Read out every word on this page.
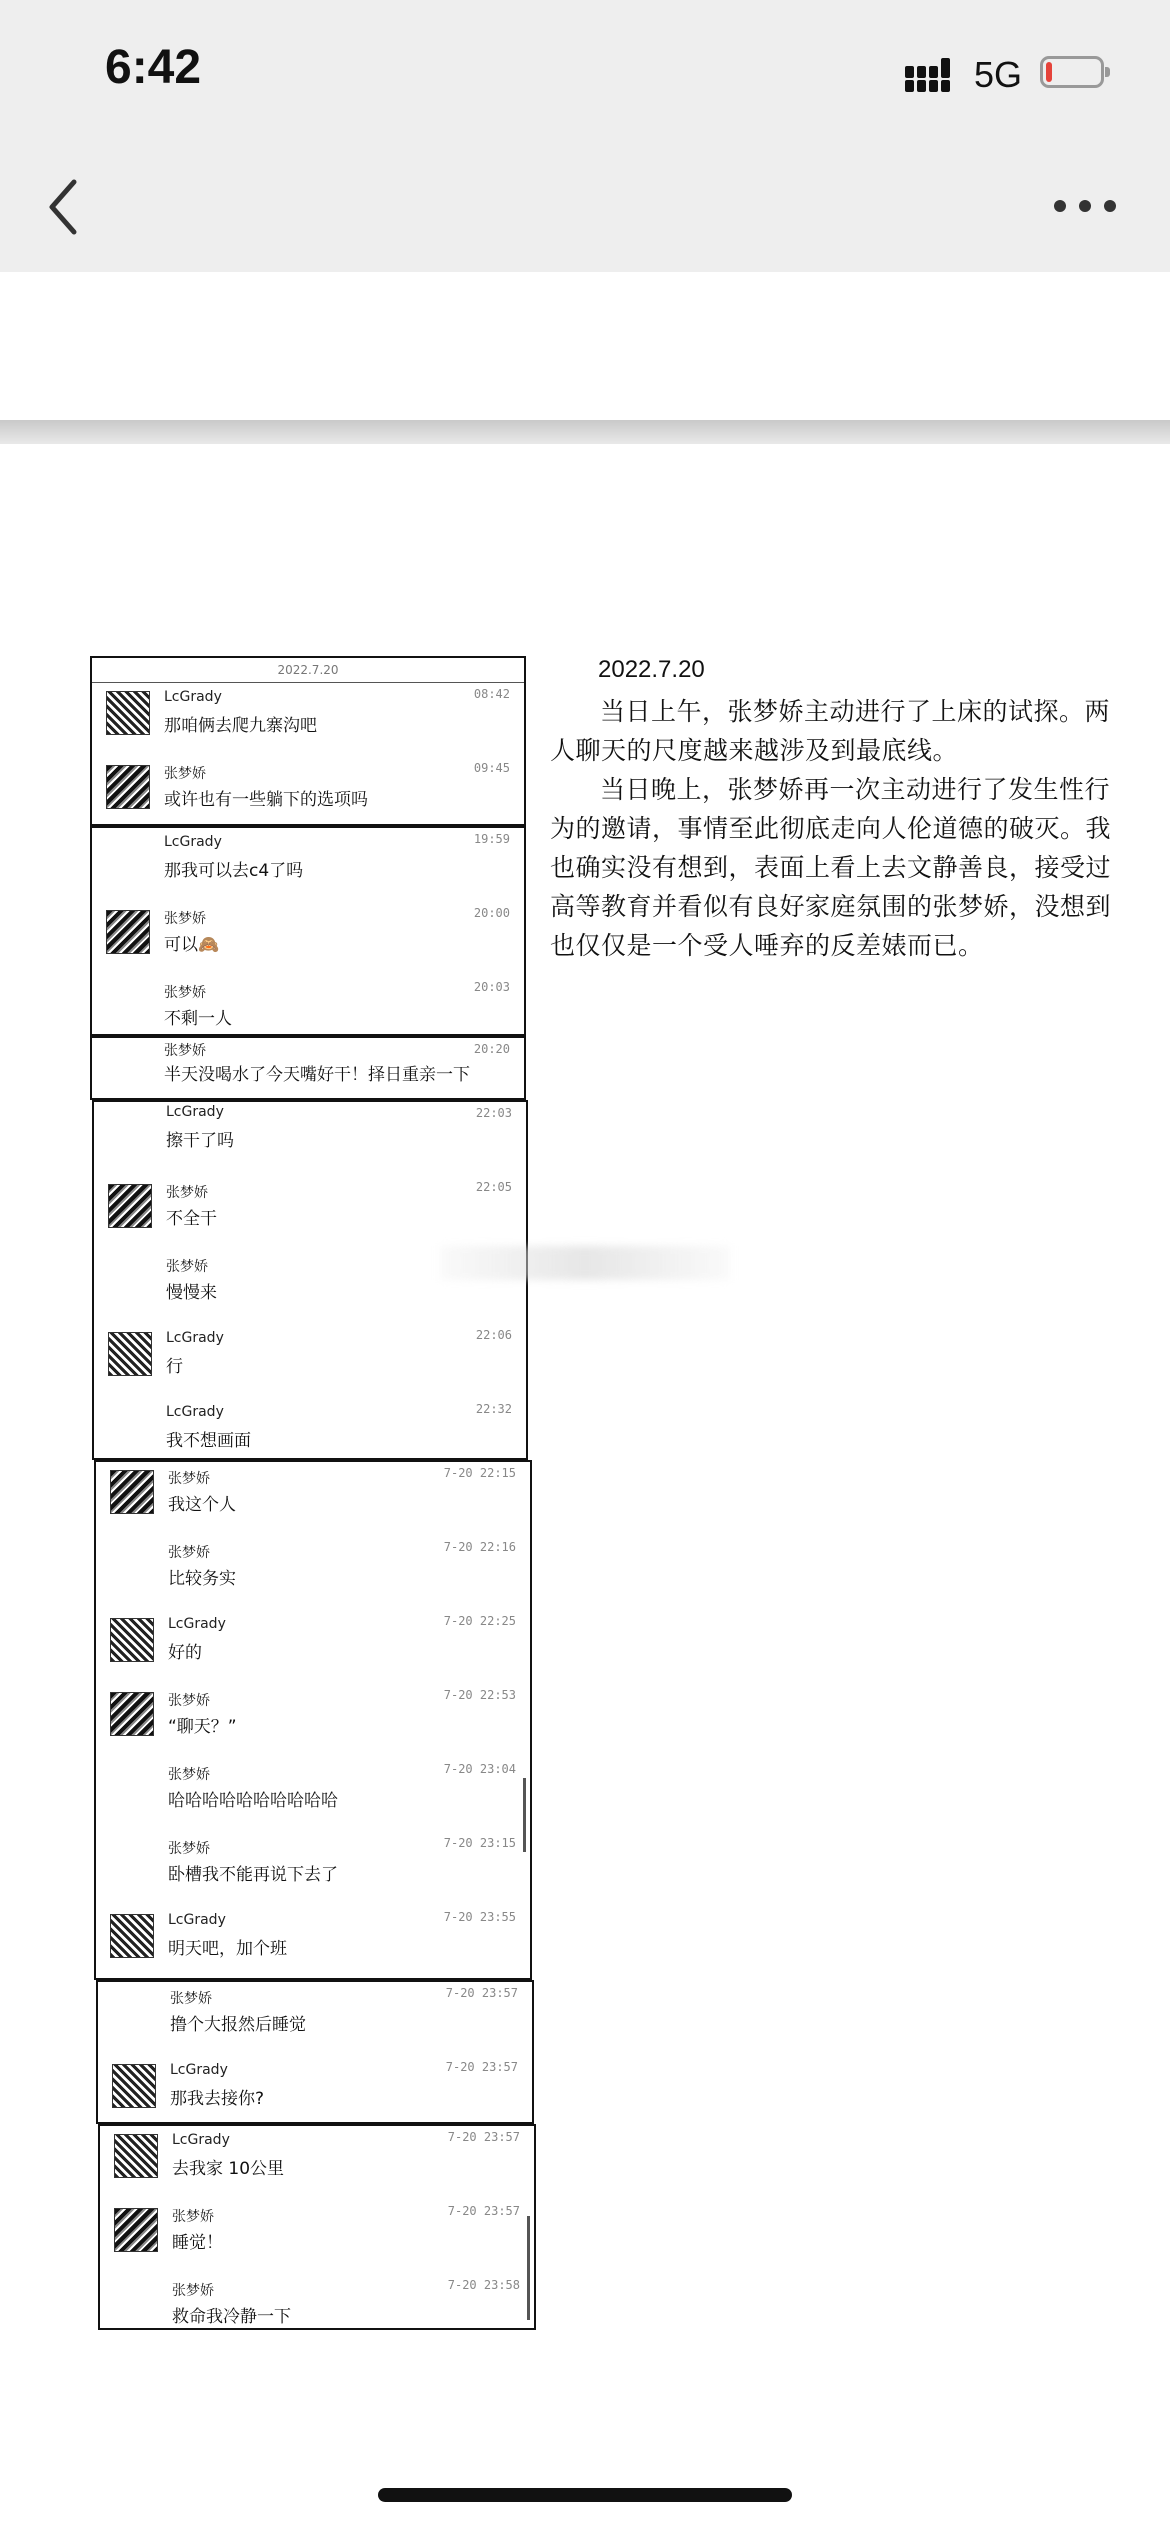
6:42	5G
2022.7.20
LcGrady
那咱俩去爬九寨沟吧
08:42
张梦娇
或许也有一些躺下的选项吗
09:45
LcGrady
那我可以去c4了吗
19:59
张梦娇
可以🙈
20:00
张梦娇
不剩一人
20:03
张梦娇
半天没喝水了今天嘴好干！择日重亲一下
20:20
LcGrady
擦干了吗
22:03
张梦娇
不全干
22:05
张梦娇
慢慢来
LcGrady
行
22:06
LcGrady
我不想画面
22:32
张梦娇
我这个人
7-20 22:15
张梦娇
比较务实
7-20 22:16
LcGrady
好的
7-20 22:25
张梦娇
“聊天？”
7-20 22:53
张梦娇
哈哈哈哈哈哈哈哈哈哈
7-20 23:04
张梦娇
卧槽我不能再说下去了
7-20 23:15
LcGrady
明天吧，加个班
7-20 23:55
张梦娇
撸个大报然后睡觉
7-20 23:57
LcGrady
那我去接你?
7-20 23:57
LcGrady
去我家 10公里
7-20 23:57
张梦娇
睡觉！
7-20 23:57
张梦娇
救命我冷静一下
7-20 23:58
2022.7.20

当日上午，张梦娇主动进行了上床的试探。两人聊天的尺度越来越涉及到最底线。

当日晚上，张梦娇再一次主动进行了发生性行为的邀请，事情至此彻底走向人伦道德的破灭。我也确实没有想到，表面上看上去文静善良，接受过高等教育并看似有良好家庭氛围的张梦娇，没想到也仅仅是一个受人唾弃的反差婊而已。
